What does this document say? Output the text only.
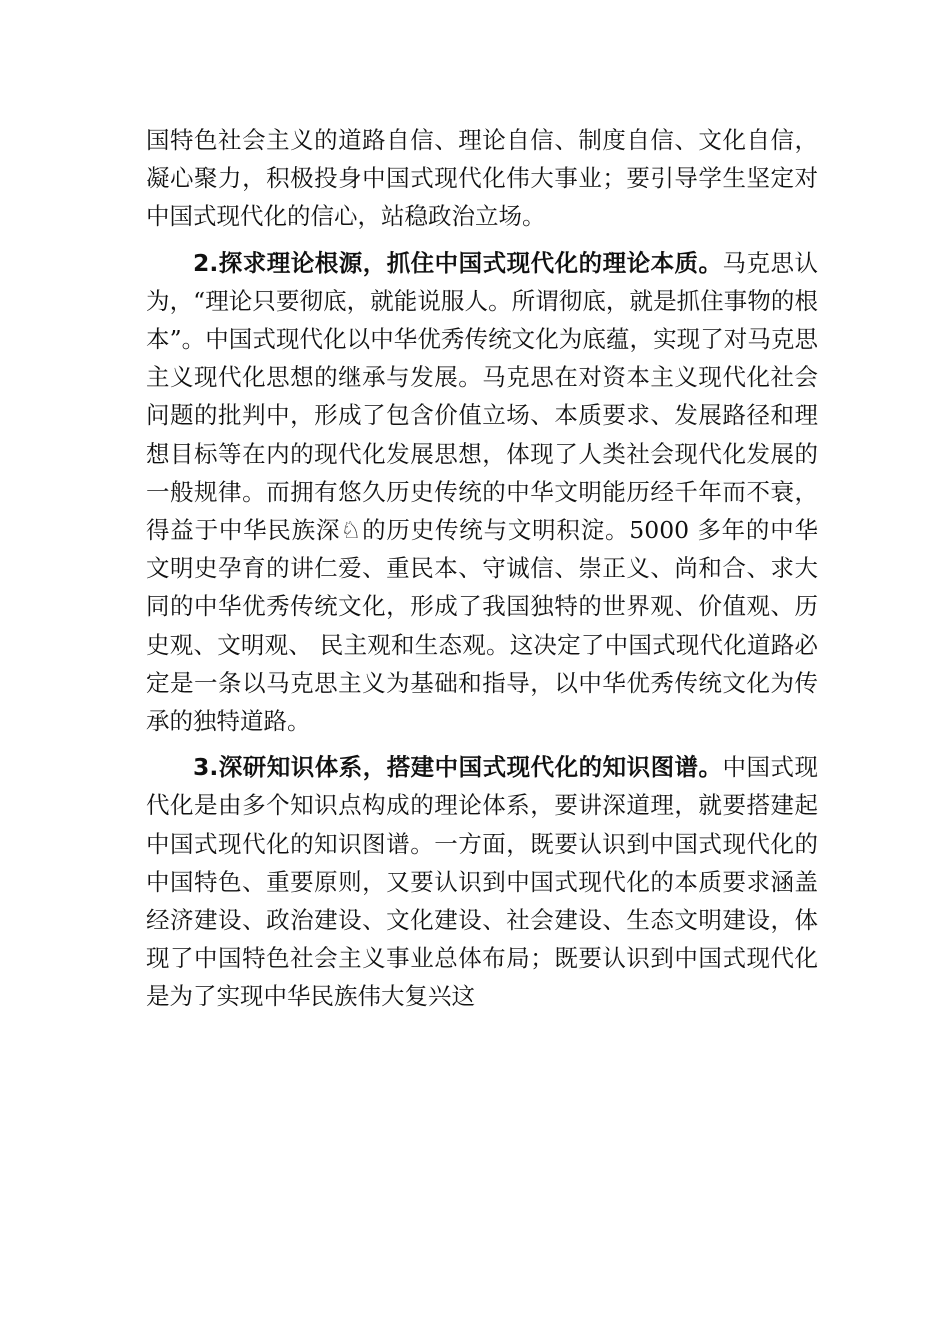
国特色社会主义的道路自信、理论自信、制度自信、文化自信，凝心聚力，积极投身中国式现代化伟大事业；要引导学生坚定对中国式现代化的信心，站稳政治立场。

2.探求理论根源，抓住中国式现代化的理论本质。马克思认为，“理论只要彻底，就能说服人。所谓彻底，就是抓住事物的根本”。中国式现代化以中华优秀传统文化为底蕴，实现了对马克思主义现代化思想的继承与发展。马克思在对资本主义现代化社会问题的批判中，形成了包含价值立场、本质要求、发展路径和理想目标等在内的现代化发展思想，体现了人类社会现代化发展的一般规律。而拥有悠久历史传统的中华文明能历经千年而不衰，得益于中华民族深♘的历史传统与文明积淀。5000 多年的中华文明史孕育的讲仁爱、重民本、守诚信、崇正义、尚和合、求大同的中华优秀传统文化，形成了我国独特的世界观、价值观、历史观、文明观、 民主观和生态观。这决定了中国式现代化道路必定是一条以马克思主义为基础和指导，以中华优秀传统文化为传承的独特道路。

3.深研知识体系，搭建中国式现代化的知识图谱。中国式现代化是由多个知识点构成的理论体系，要讲深道理，就要搭建起中国式现代化的知识图谱。一方面，既要认识到中国式现代化的中国特色、重要原则，又要认识到中国式现代化的本质要求涵盖经济建设、政治建设、文化建设、社会建设、生态文明建设，体现了中国特色社会主义事业总体布局；既要认识到中国式现代化是为了实现中华民族伟大复兴这
